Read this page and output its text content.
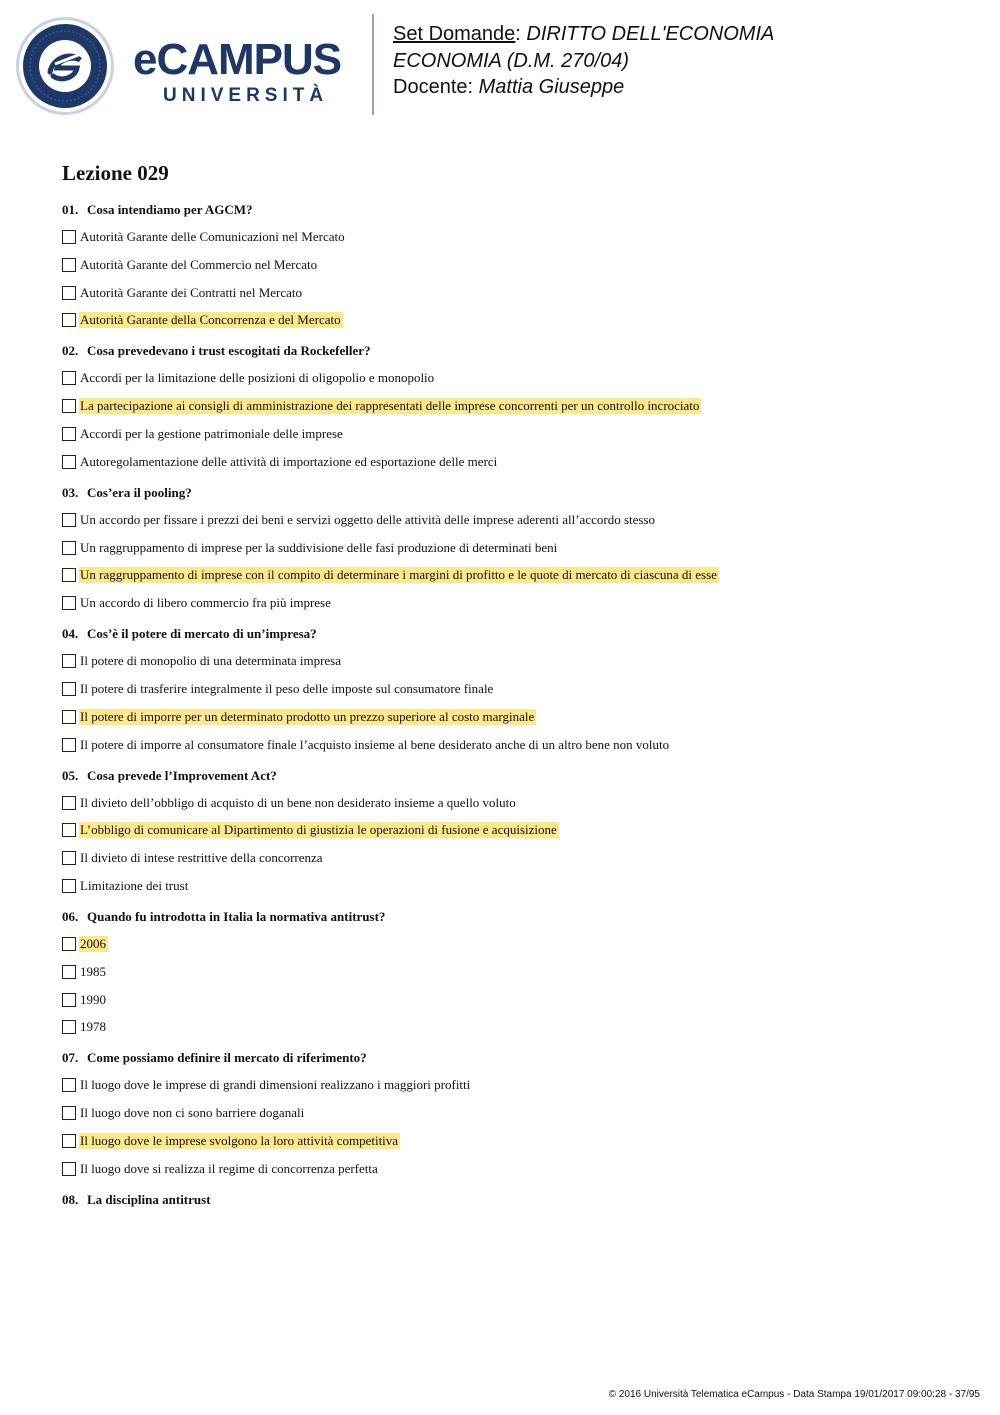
eCAMPUS
UNIVERSITÀ
Set Domande: DIRITTO DELL'ECONOMIA
ECONOMIA (D.M. 270/04)
Docente: Mattia Giuseppe
Lezione 029
01. Cosa intendiamo per AGCM?
Autorità Garante delle Comunicazioni nel Mercato
Autorità Garante del Commercio nel Mercato
Autorità Garante dei Contratti nel Mercato
Autorità Garante della Concorrenza e del Mercato
02. Cosa prevedevano i trust escogitati da Rockefeller?
Accordi per la limitazione delle posizioni di oligopolio e monopolio
La partecipazione ai consigli di amministrazione dei rappresentati delle imprese concorrenti per un controllo incrociato
Accordi per la gestione patrimoniale delle imprese
Autoregolamentazione delle attività di importazione ed esportazione delle merci
03. Cos’era il pooling?
Un accordo per fissare i prezzi dei beni e servizi oggetto delle attività delle imprese aderenti all’accordo stesso
Un raggruppamento di imprese per la suddivisione delle fasi produzione di determinati beni
Un raggruppamento di imprese con il compito di determinare i margini di profitto e le quote di mercato di ciascuna di esse
Un accordo di libero commercio fra più imprese
04. Cos’è il potere di mercato di un’impresa?
Il potere di monopolio di una determinata impresa
Il potere di trasferire integralmente il peso delle imposte sul consumatore finale
Il potere di imporre per un determinato prodotto un prezzo superiore al costo marginale
Il potere di imporre al consumatore finale l’acquisto insieme al bene desiderato anche di un altro bene non voluto
05. Cosa prevede l’Improvement Act?
Il divieto dell’obbligo di acquisto di un bene non desiderato insieme a quello voluto
L’obbligo di comunicare al Dipartimento di giustizia le operazioni di fusione e acquisizione
Il divieto di intese restrittive della concorrenza
Limitazione dei trust
06. Quando fu introdotta in Italia la normativa antitrust?
2006
1985
1990
1978
07. Come possiamo definire il mercato di riferimento?
Il luogo dove le imprese di grandi dimensioni realizzano i maggiori profitti
Il luogo dove non ci sono barriere doganali
Il luogo dove le imprese svolgono la loro attività competitiva
Il luogo dove si realizza il regime di concorrenza perfetta
08. La disciplina antitrust
© 2016 Università Telematica eCampus - Data Stampa 19/01/2017 09:00:28 - 37/95
